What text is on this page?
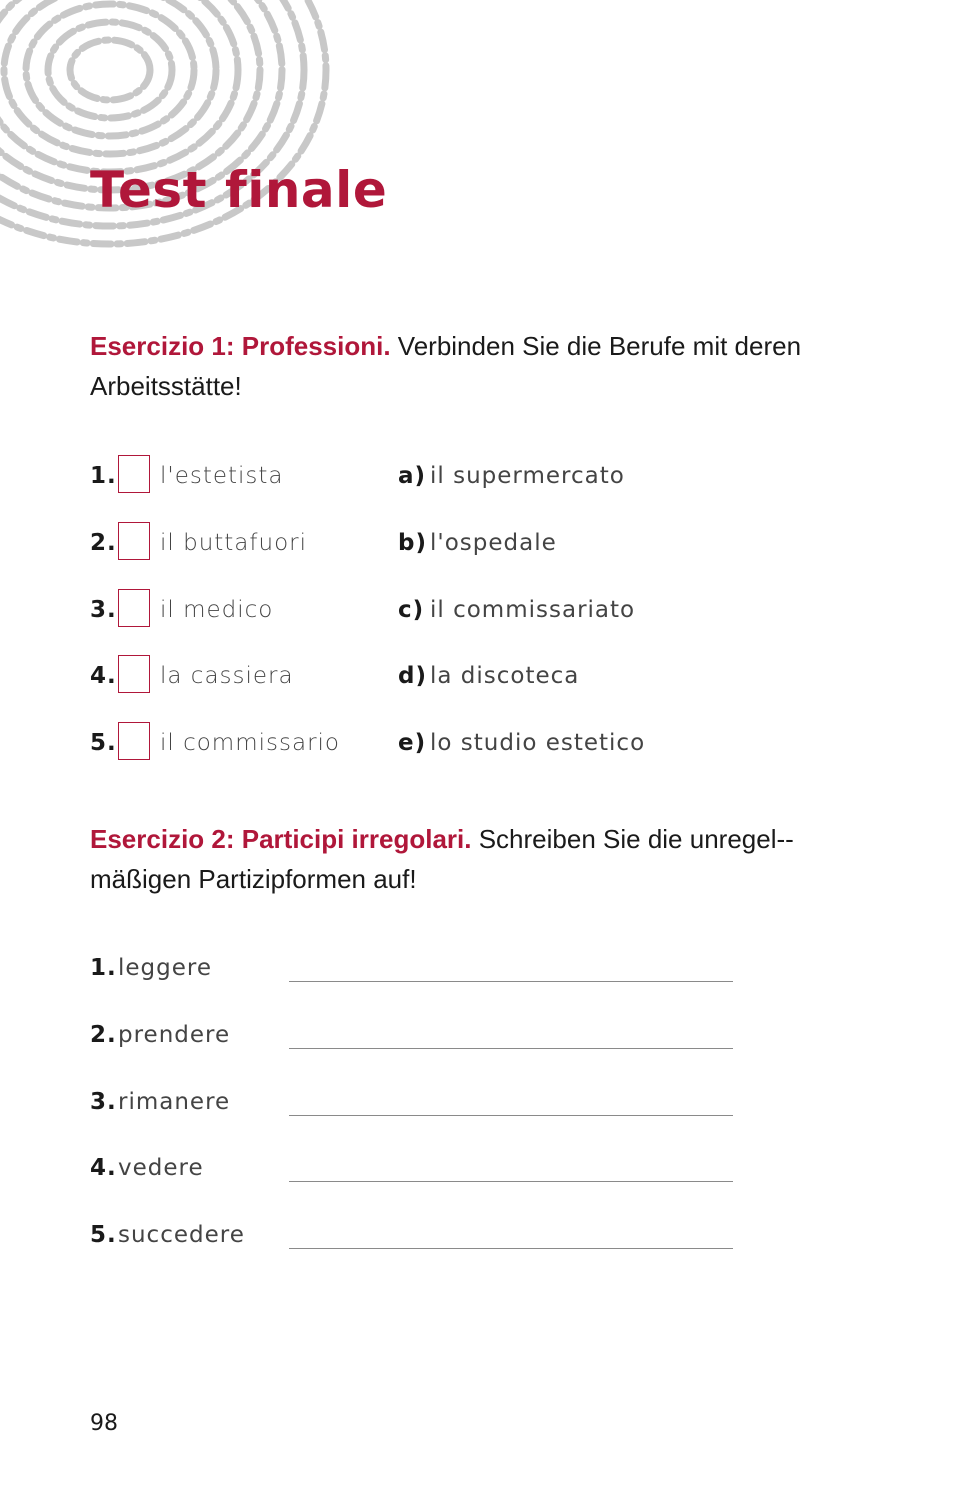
Test finale

Esercizio 1: Professioni. Verbinden Sie die Berufe mit deren Arbeitsstätte!

1. l'estetista	a) il supermercato
2. il buttafuori	b) l'ospedale
3. il medico	c) il commissariato
4. la cassiera	d) la discoteca
5. il commissario	e) lo studio estetico

Esercizio 2: Participi irregolari. Schreiben Sie die unregel-mäßigen Partizipformen auf!

1. leggere
2. prendere
3. rimanere
4. vedere
5. succedere
98
